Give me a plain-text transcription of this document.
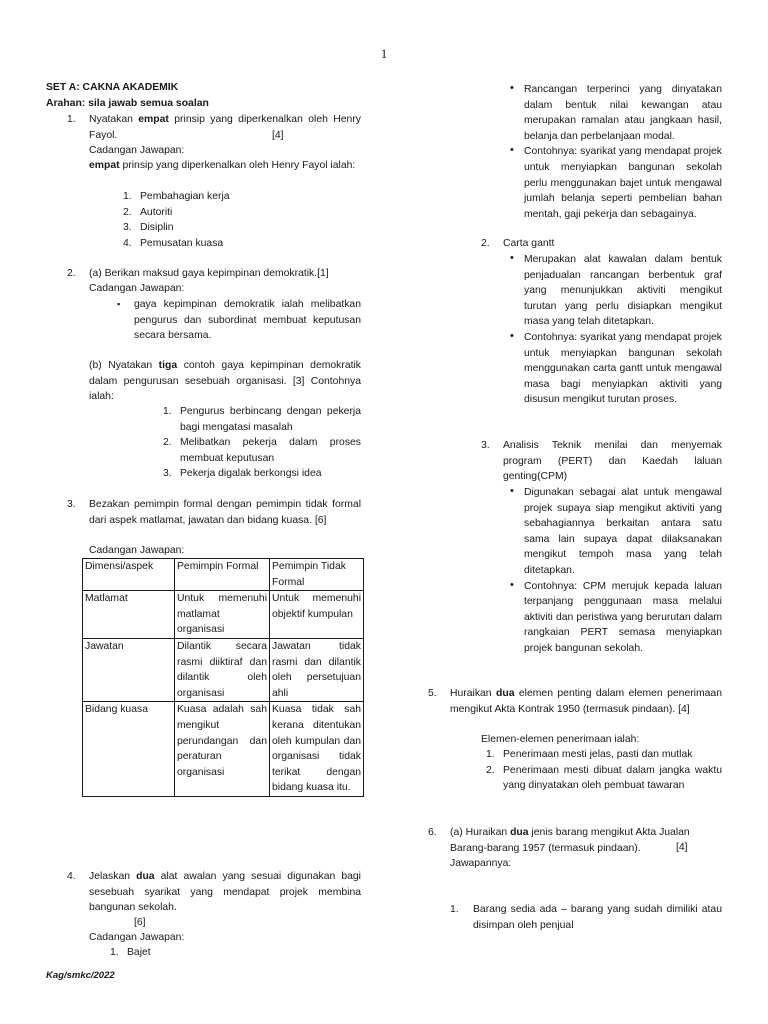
1
SET A: CAKNA AKADEMIK
Arahan: sila jawab semua soalan
1. Nyatakan empat prinsip yang diperkenalkan oleh Henry Fayol.	[4]
Cadangan Jawapan:
empat prinsip yang diperkenalkan oleh Henry Fayol ialah:
1. Pembahagian kerja
2. Autoriti
3. Disiplin
4. Pemusatan kuasa
2. (a) Berikan maksud gaya kepimpinan demokratik.[1]
Cadangan Jawapan:
▪ gaya kepimpinan demokratik ialah melibatkan pengurus dan subordinat membuat keputusan secara bersama.
(b) Nyatakan tiga contoh gaya kepimpinan demokratik dalam pengurusan sesebuah organisasi. [3] Contohnya ialah:
1. Pengurus berbincang dengan pekerja bagi mengatasi masalah
2. Melibatkan pekerja dalam proses membuat keputusan
3. Pekerja digalak berkongsi idea
3. Bezakan pemimpin formal dengan pemimpin tidak formal dari aspek matlamat, jawatan dan bidang kuasa. [6]
Cadangan Jawapan:
Dimensi/aspek	Pemimpin Formal	Pemimpin Tidak Formal
Matlamat	Untuk memenuhi matlamat organisasi	Untuk memenuhi objektif kumpulan
Jawatan	Dilantik secara rasmi diiktiraf dan dilantik oleh organisasi	Jawatan tidak rasmi dan dilantik oleh persetujuan ahli
Bidang kuasa	Kuasa adalah sah mengikut perundangan dan peraturan organisasi	Kuasa tidak sah kerana ditentukan oleh kumpulan dan organisasi tidak terikat dengan bidang kuasa itu.
4. Jelaskan dua alat awalan yang sesuai digunakan bagi sesebuah syarikat yang mendapat projek membina bangunan sekolah.
[6]
Cadangan Jawapan:
1. Bajet
Kag/smkc/2022
• Rancangan terperinci yang dinyatakan dalam bentuk nilai kewangan atau merupakan ramalan atau jangkaan hasil, belanja dan perbelanjaan modal.
• Contohnya: syarikat yang mendapat projek untuk menyiapkan bangunan sekolah perlu menggunakan bajet untuk mengawal jumlah belanja seperti pembelian bahan mentah, gaji pekerja dan sebagainya.
2. Carta gantt
• Merupakan alat kawalan dalam bentuk penjadualan rancangan berbentuk graf yang menunjukkan aktiviti mengikut turutan yang perlu disiapkan mengikut masa yang telah ditetapkan.
• Contohnya: syarikat yang mendapat projek untuk menyiapkan bangunan sekolah menggunakan carta gantt untuk mengawal masa bagi menyiapkan aktiviti yang disusun mengikut turutan proses.
3. Analisis Teknik menilai dan menyemak program (PERT) dan Kaedah laluan genting(CPM)
• Digunakan sebagai alat untuk mengawal projek supaya siap mengikut aktiviti yang sebahagiannya berkaitan antara satu sama lain supaya dapat dilaksanakan mengikut tempoh masa yang telah ditetapkan.
• Contohnya: CPM merujuk kepada laluan terpanjang penggunaan masa melalui aktiviti dan peristiwa yang berurutan dalam rangkaian PERT semasa menyiapkan projek bangunan sekolah.
5. Huraikan dua elemen penting dalam elemen penerimaan mengikut Akta Kontrak 1950 (termasuk pindaan). [4]
Elemen-elemen penerimaan ialah:
1. Penerimaan mesti jelas, pasti dan mutlak
2. Penerimaan mesti dibuat dalam jangka waktu yang dinyatakan oleh pembuat tawaran
6. (a) Huraikan dua jenis barang mengikut Akta Jualan Barang-barang 1957 (termasuk pindaan).	[4]
Jawapannya:
1. Barang sedia ada – barang yang sudah dimiliki atau disimpan oleh penjual
